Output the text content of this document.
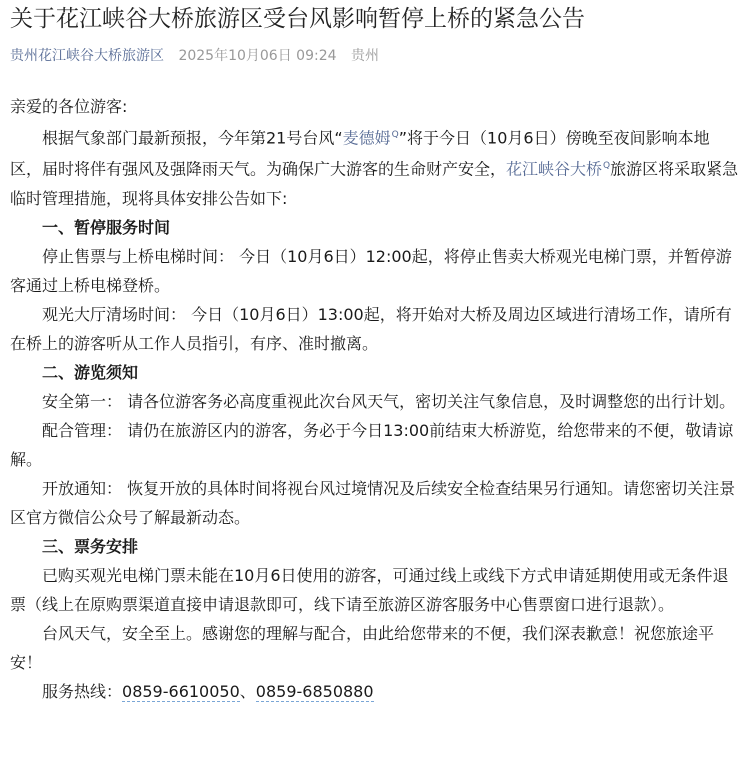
关于花江峡谷大桥旅游区受台风影响暂停上桥的紧急公告
贵州花江峡谷大桥旅游区 2025年10月06日 09:24 贵州

亲爱的各位游客:

根据气象部门最新预报，今年第21号台风“麦德姆$^Q$”将于今日（10月6日）傍晚至夜间影响本地区，届时将伴有强风及强降雨天气。为确保广大游客的生命财产安全，花江峡谷大桥$^Q$旅游区将采取紧急临时管理措施，现将具体安排公告如下:

一、暂停服务时间

停止售票与上桥电梯时间： 今日（10月6日）12:00起，将停止售卖大桥观光电梯门票，并暂停游客通过上桥电梯登桥。

观光大厅清场时间： 今日（10月6日）13:00起，将开始对大桥及周边区域进行清场工作，请所有在桥上的游客听从工作人员指引，有序、准时撤离。

二、游览须知

安全第一： 请各位游客务必高度重视此次台风天气，密切关注气象信息，及时调整您的出行计划。

配合管理： 请仍在旅游区内的游客，务必于今日13:00前结束大桥游览，给您带来的不便，敬请谅解。

开放通知： 恢复开放的具体时间将视台风过境情况及后续安全检查结果另行通知。请您密切关注景区官方微信公众号了解最新动态。

三、票务安排

已购买观光电梯门票未能在10月6日使用的游客，可通过线上或线下方式申请延期使用或无条件退票（线上在原购票渠道直接申请退款即可，线下请至旅游区游客服务中心售票窗口进行退款）。

台风天气，安全至上。感谢您的理解与配合，由此给您带来的不便，我们深表歉意！祝您旅途平安！

服务热线：0859-6610050、0859-6850880
